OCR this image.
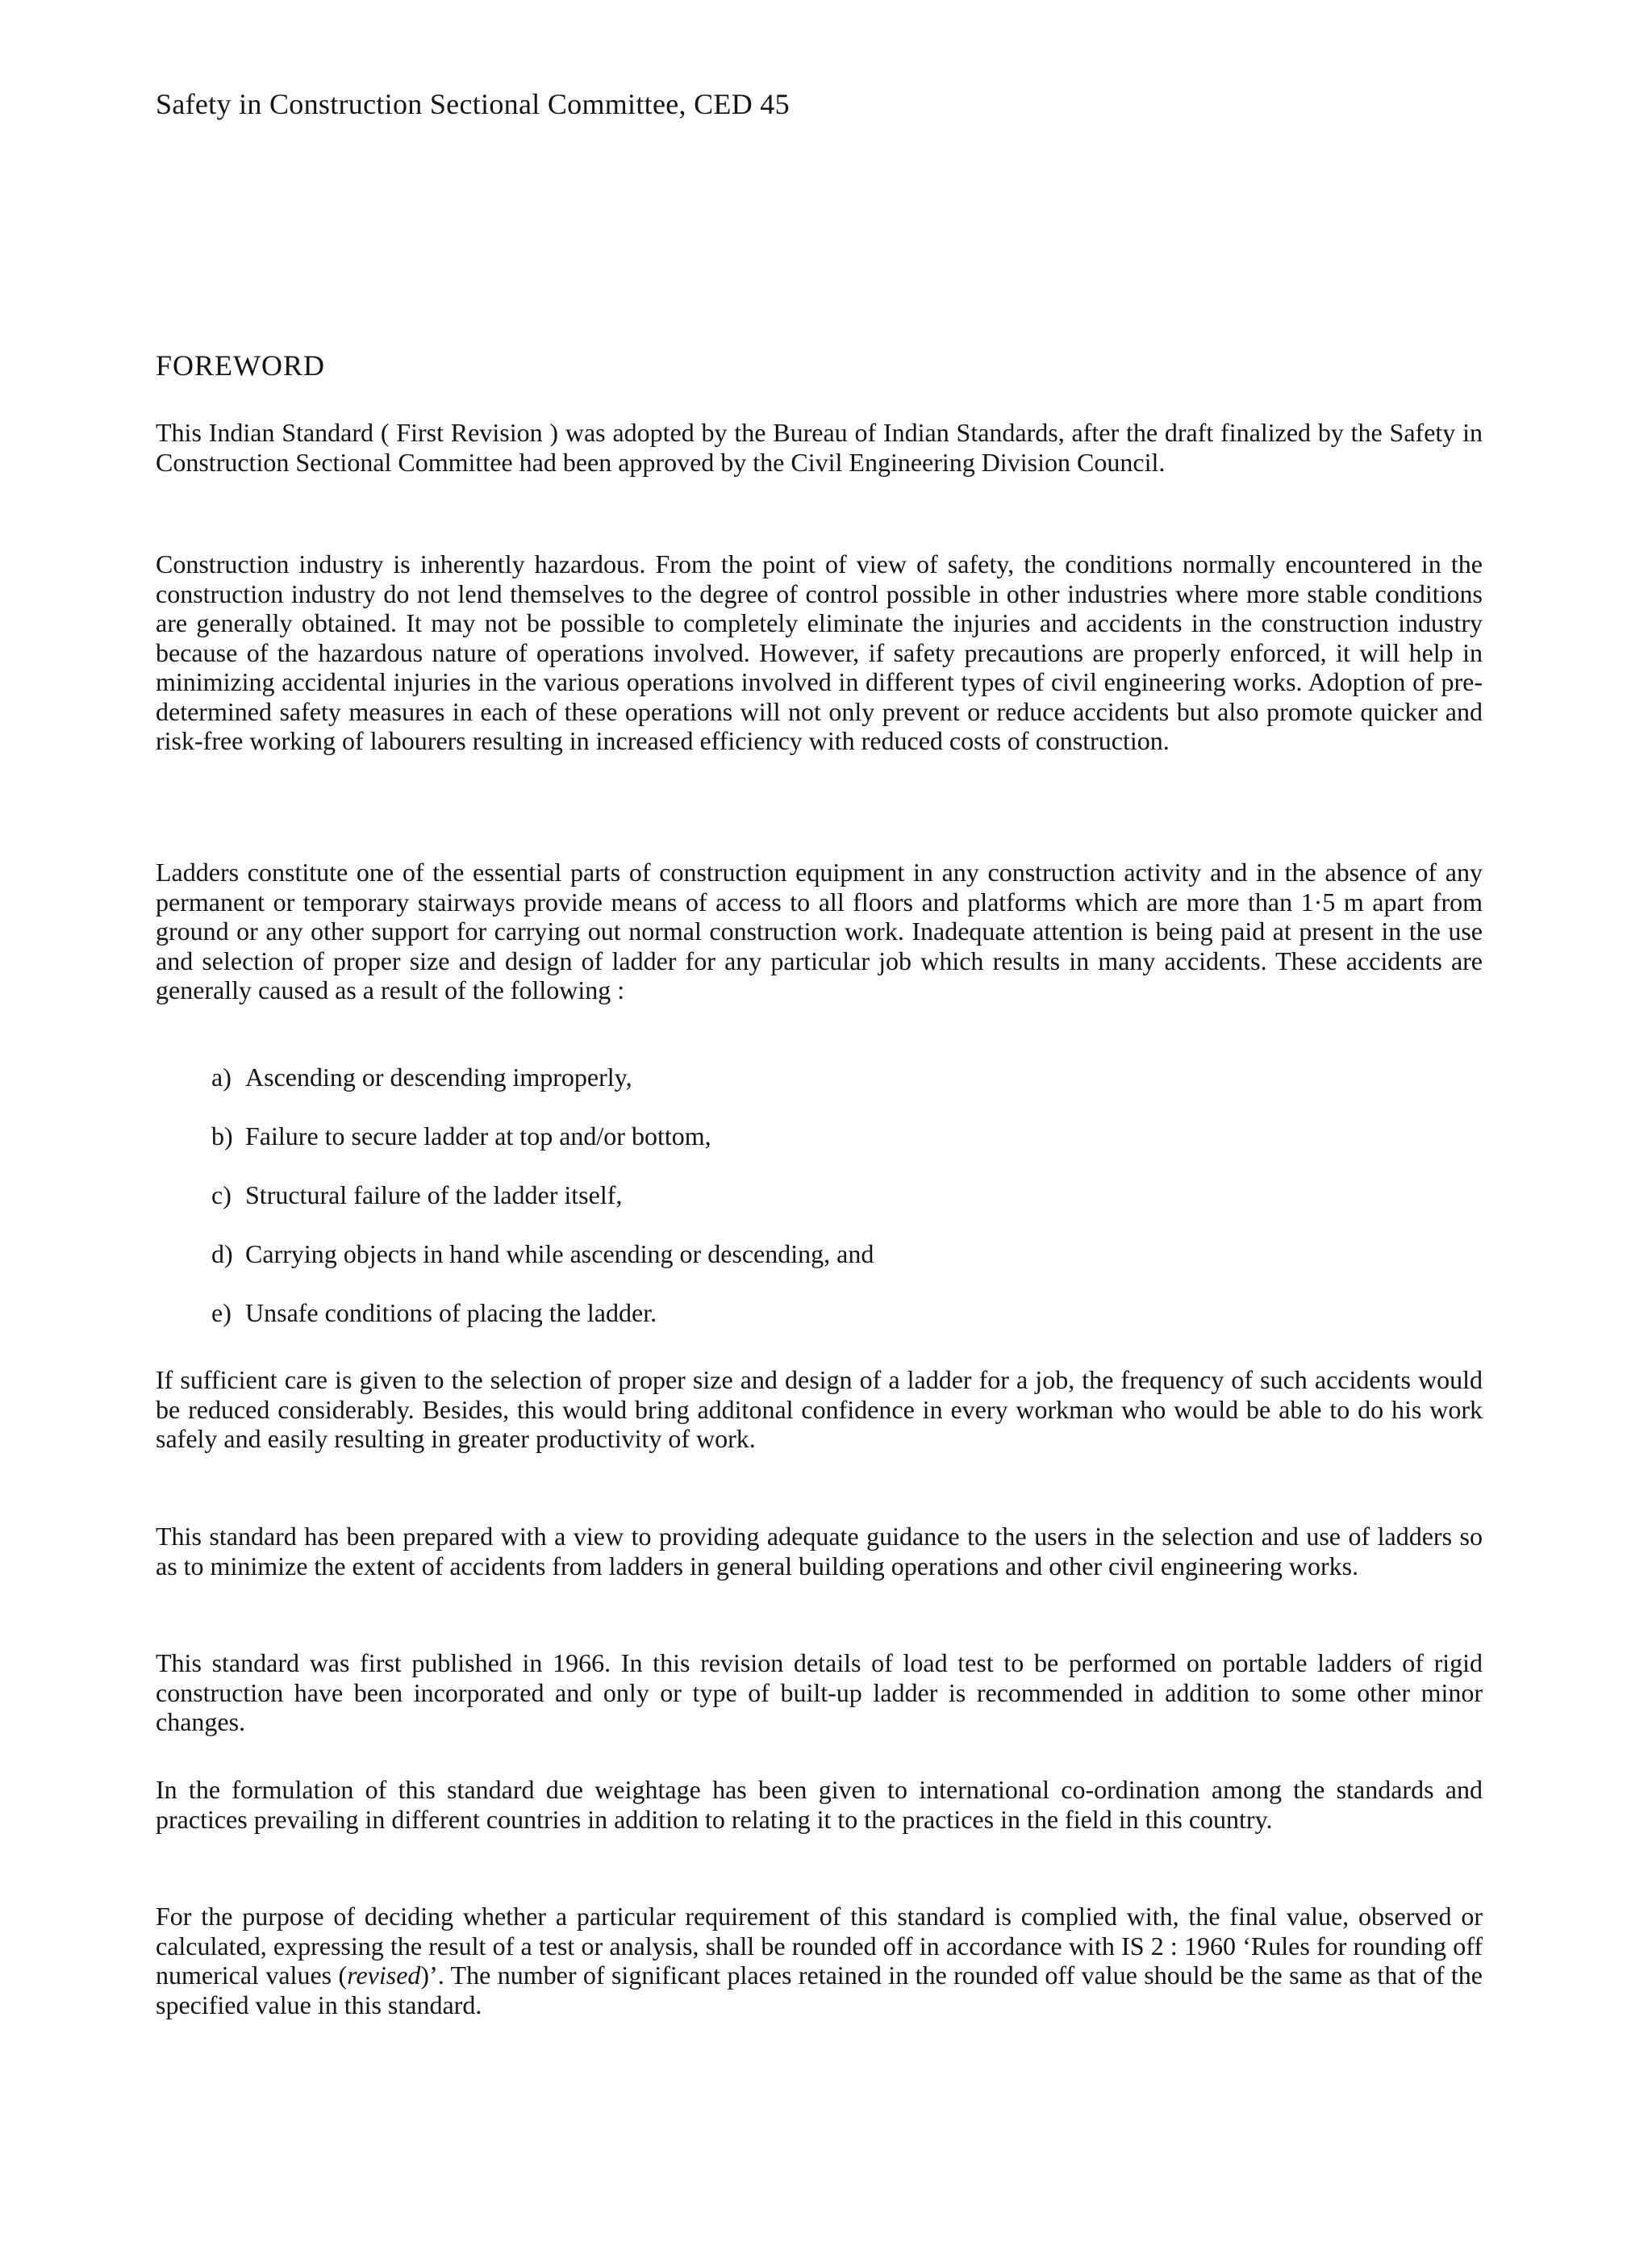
Safety in Construction Sectional Committee, CED 45
FOREWORD

This Indian Standard ( First Revision ) was adopted by the Bureau of Indian Standards, after the draft finalized by the Safety in Construction Sectional Committee had been approved by the Civil Engineering Division Council.

Construction industry is inherently hazardous. From the point of view of safety, the conditions normally encountered in the construction industry do not lend themselves to the degree of control possible in other industries where more stable conditions are generally obtained. It may not be possible to completely eliminate the injuries and accidents in the construction industry because of the hazardous nature of operations involved. However, if safety precautions are properly enforced, it will help in minimizing accidental injuries in the various operations involved in different types of civil engineering works. Adoption of pre-determined safety measures in each of these operations will not only prevent or reduce accidents but also promote quicker and risk-free working of labourers resulting in increased efficiency with reduced costs of construction.

Ladders constitute one of the essential parts of construction equipment in any construction activity and in the absence of any permanent or temporary stairways provide means of access to all floors and platforms which are more than 1·5 m apart from ground or any other support for carrying out normal construction work. Inadequate attention is being paid at present in the use and selection of proper size and design of ladder for any particular job which results in many accidents. These accidents are generally caused as a result of the following :

a) Ascending or descending improperly,
b) Failure to secure ladder at top and/or bottom,
c) Structural failure of the ladder itself,
d) Carrying objects in hand while ascending or descending, and
e) Unsafe conditions of placing the ladder.

If sufficient care is given to the selection of proper size and design of a ladder for a job, the frequency of such accidents would be reduced considerably. Besides, this would bring additonal confidence in every workman who would be able to do his work safely and easily resulting in greater productivity of work.

This standard has been prepared with a view to providing adequate guidance to the users in the selection and use of ladders so as to minimize the extent of accidents from ladders in general building operations and other civil engineering works.

This standard was first published in 1966. In this revision details of load test to be performed on portable ladders of rigid construction have been incorporated and only or type of built-up ladder is recommended in addition to some other minor changes.

In the formulation of this standard due weightage has been given to international co-ordination among the standards and practices prevailing in different countries in addition to relating it to the practices in the field in this country.

For the purpose of deciding whether a particular requirement of this standard is complied with, the final value, observed or calculated, expressing the result of a test or analysis, shall be rounded off in accordance with IS 2 : 1960 ‘Rules for rounding off numerical values (revised)’. The number of significant places retained in the rounded off value should be the same as that of the specified value in this standard.
